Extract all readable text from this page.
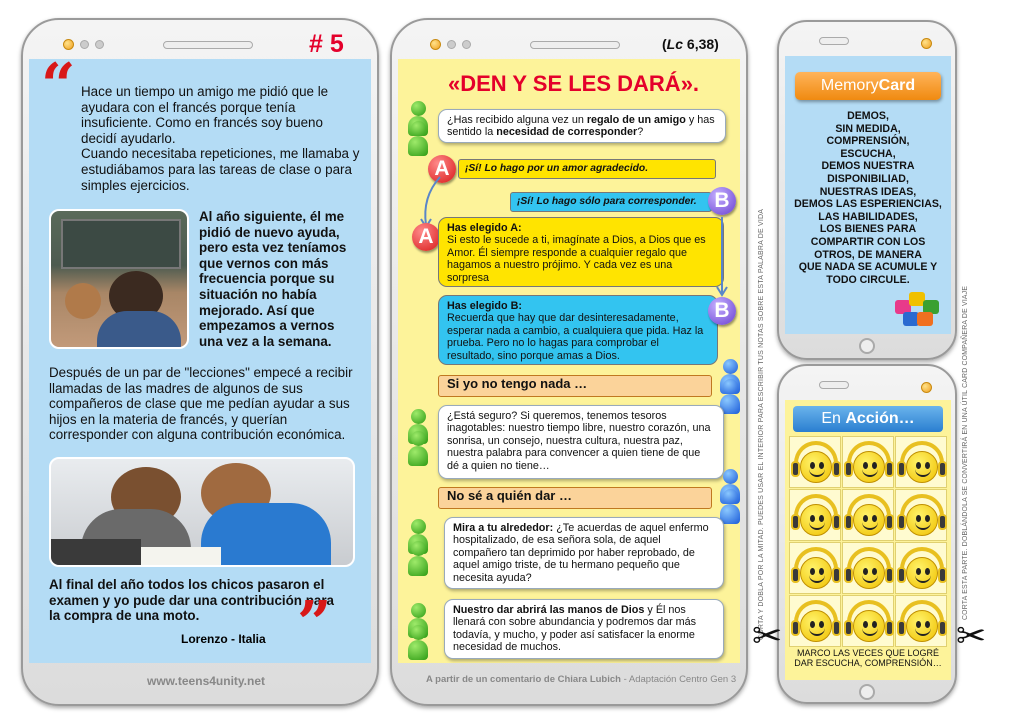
# 5
“ Hace un tiempo un amigo me pidió que le ayudara con el francés porque tenía insuficiente. Como en francés soy bueno decidí ayudarlo.
Cuando necesitaba repeticiones, me llamaba y estudiábamos para las tareas de clase o para simples ejercicios.
Al año siguiente, él me pidió de nuevo ayuda, pero esta vez teníamos que vernos con más frecuencia porque su situación no había mejorado. Así que empezamos a vernos una vez a la semana.
Después de un par de "lecciones" empecé a recibir llamadas de las madres de algunos de sus compañeros de clase que me pedían ayudar a sus hijos en la materia de francés, y querían corresponder con alguna contribución económica.
Al final del año todos los chicos pasaron el examen y yo pude dar una contribución para la compra de una moto.	”
Lorenzo - Italia
www.teens4unity.net
(Lc 6,38)
«DEN Y SE LES DARÁ».
¿Has recibido alguna vez un regalo de un amigo y has sentido la necesidad de corresponder?
A	¡Sí! Lo hago por un amor agradecido.
¡Sí! Lo hago sólo para corresponder. B
A	Has elegido A:
Si esto le sucede a ti, imagínate a Dios, a Dios que es Amor. Él siempre responde a cualquier regalo que hagamos a nuestro prójimo. Y cada vez es una sorpresa
Has elegido B:
Recuerda que hay que dar desinteresadamente, esperar nada a cambio, a cualquiera que pida. Haz la prueba. Pero no lo hagas para comprobar el resultado, sino porque amas a Dios.
B
Si yo no tengo nada …
¿Está seguro? Si queremos, tenemos tesoros inagotables: nuestro tiempo libre, nuestro corazón, una sonrisa, un consejo, nuestra cultura, nuestra paz, nuestra palabra para convencer a quien tiene de que dé a quien no tiene…
No sé a quién dar …
Mira a tu alrededor: ¿Te acuerdas de aquel enfermo hospitalizado, de esa señora sola, de aquel compañero tan deprimido por haber reprobado, de aquel amigo triste, de tu hermano pequeño que necesita ayuda?
Nuestro dar abrirá las manos de Dios y Él nos llenará con sobre abundancia y podremos dar más todavía, y mucho, y poder así satisfacer la enorme necesidad de muchos.
A partir de un comentario de Chiara Lubich - Adaptación Centro Gen 3
CORTA Y DOBLA POR LA MITAD. PUEDES USAR EL INTERIOR PARA ESCRIBIR TUS NOTAS SOBRE ESTA PALABRA DE VIDA
MemoryCard
DEMOS,
SIN MEDIDA,
COMPRENSIÓN,
ESCUCHA,
DEMOS NUESTRA
DISPONIBILIAD,
NUESTRAS IDEAS,
DEMOS LAS ESPERIENCIAS,
LAS HABILIDADES,
LOS BIENES PARA
COMPARTIR CON LOS
OTROS, DE MANERA
QUE NADA SE ACUMULE Y
TODO CIRCULE.
En Acción…
MARCO LAS VECES QUE LOGRÉ DAR ESCUCHA, COMPRENSIÓN…
CORTA ESTA PARTE. DOBLÁNDOLA SE CONVERTIRÁ EN UNA ÚTIL CARD COMPAÑERA DE VIAJE
✂	✂
